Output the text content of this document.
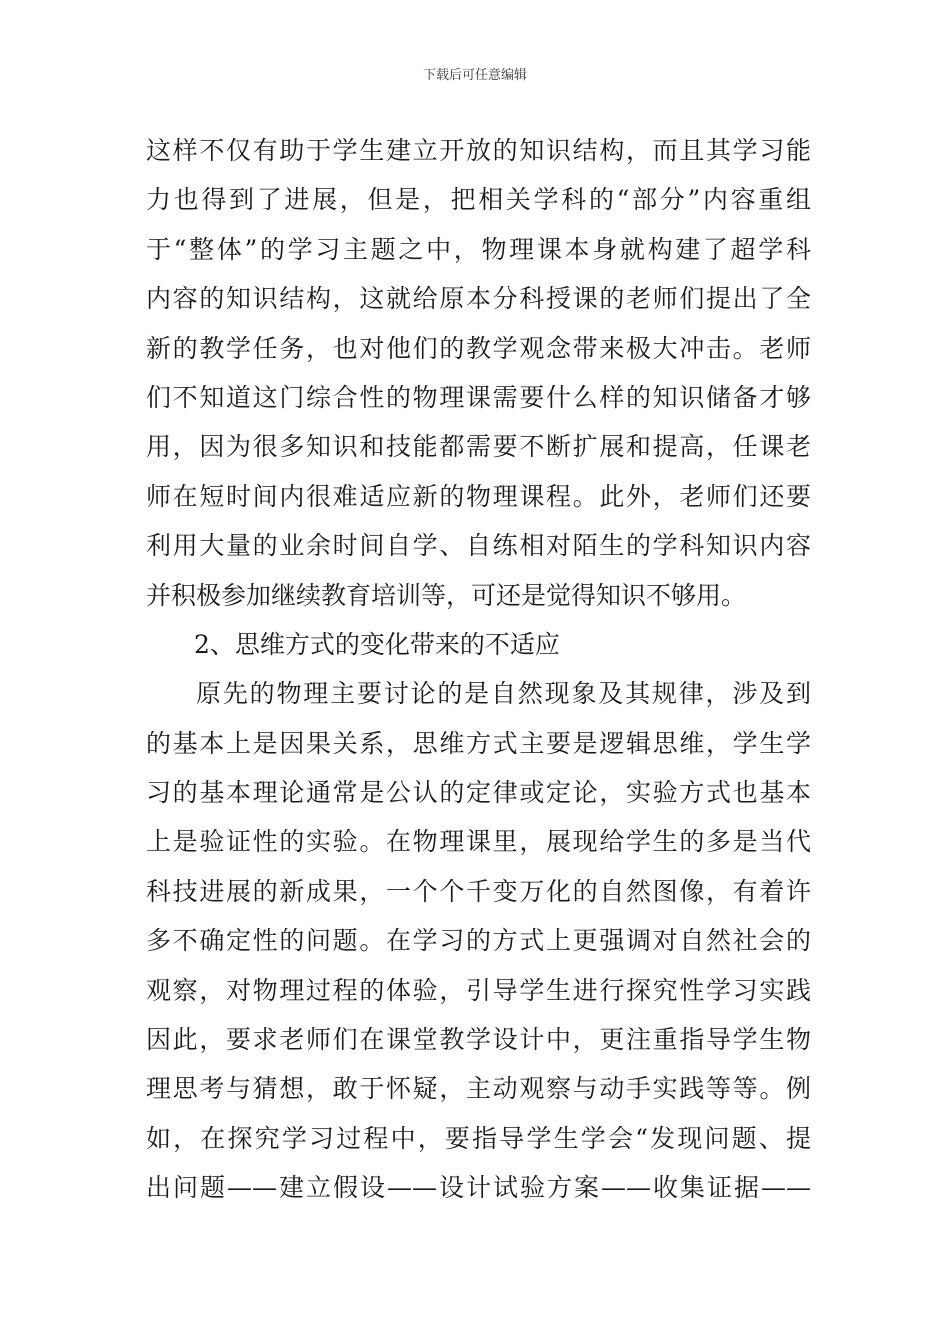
下载后可任意编辑
这样不仅有助于学生建立开放的知识结构，而且其学习能
力也得到了进展，但是，把相关学科的“部分”内容重组
于“整体”的学习主题之中，物理课本身就构建了超学科
内容的知识结构，这就给原本分科授课的老师们提出了全
新的教学任务，也对他们的教学观念带来极大冲击。老师
们不知道这门综合性的物理课需要什么样的知识储备才够
用，因为很多知识和技能都需要不断扩展和提高，任课老
师在短时间内很难适应新的物理课程。此外，老师们还要
利用大量的业余时间自学、自练相对陌生的学科知识内容
并积极参加继续教育培训等，可还是觉得知识不够用。
2、思维方式的变化带来的不适应
原先的物理主要讨论的是自然现象及其规律，涉及到
的基本上是因果关系，思维方式主要是逻辑思维，学生学
习的基本理论通常是公认的定律或定论，实验方式也基本
上是验证性的实验。在物理课里，展现给学生的多是当代
科技进展的新成果，一个个千变万化的自然图像，有着许
多不确定性的问题。在学习的方式上更强调对自然社会的
观察，对物理过程的体验，引导学生进行探究性学习实践
因此，要求老师们在课堂教学设计中，更注重指导学生物
理思考与猜想，敢于怀疑，主动观察与动手实践等等。例
如，在探究学习过程中，要指导学生学会“发现问题、提
出问题——建立假设——设计试验方案——收集证据——
